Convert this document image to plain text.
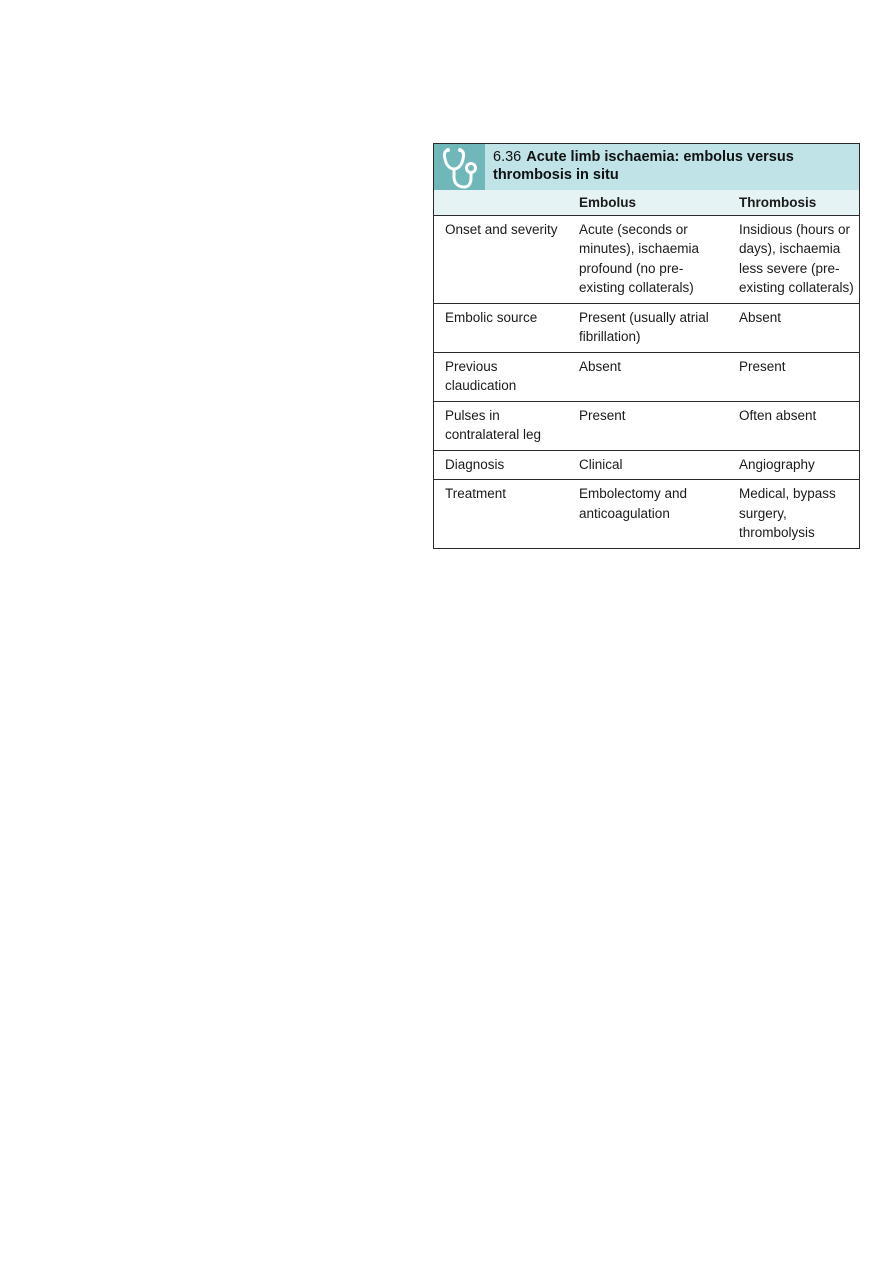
6.36 Acute limb ischaemia: embolus versus
thrombosis in situ
	Embolus	Thrombosis
Onset and severity	Acute (seconds or minutes), ischaemia profound (no pre-existing collaterals)	Insidious (hours or days), ischaemia less severe (pre-existing collaterals)
Embolic source	Present (usually atrial fibrillation)	Absent
Previous claudication	Absent	Present
Pulses in contralateral leg	Present	Often absent
Diagnosis	Clinical	Angiography
Treatment	Embolectomy and anticoagulation	Medical, bypass surgery, thrombolysis
